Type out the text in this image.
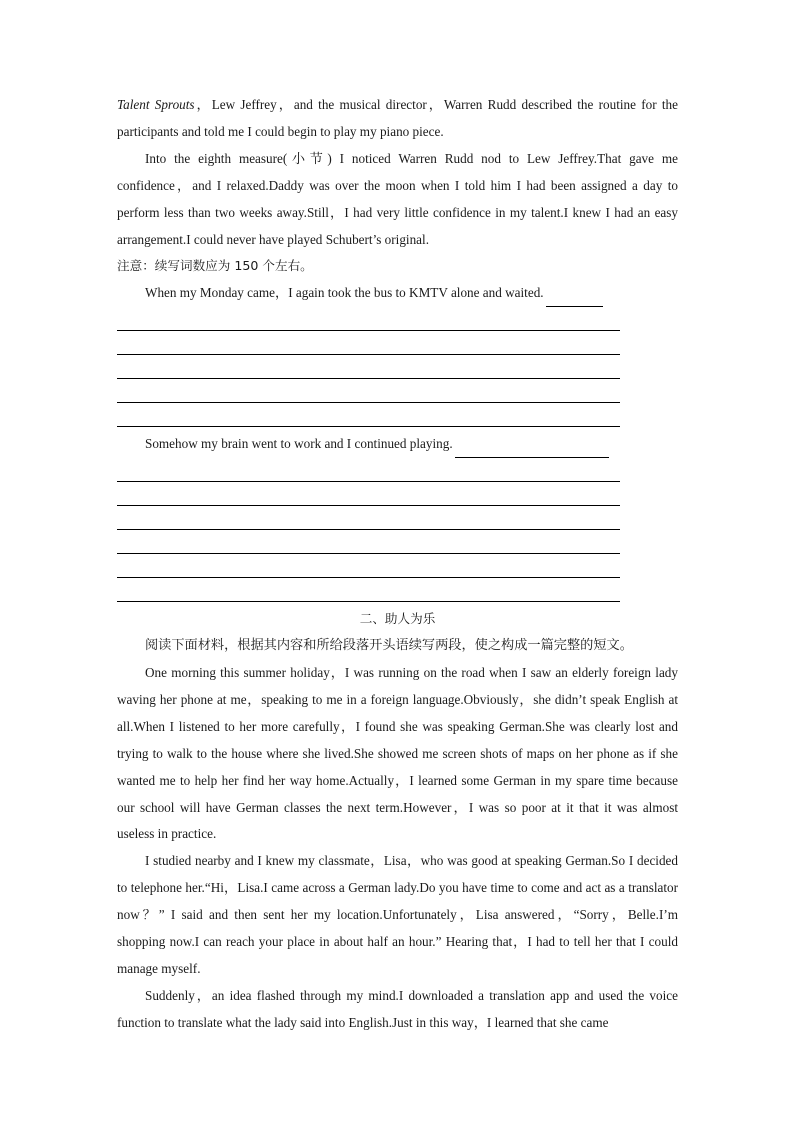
Talent Sprouts，Lew Jeffrey，and the musical director，Warren Rudd described the routine for the participants and told me I could begin to play my piano piece.

Into the eighth measure(小节) I noticed Warren Rudd nod to Lew Jeffrey.That gave me confidence，and I relaxed.Daddy was over the moon when I told him I had been assigned a day to perform less than two weeks away.Still，I had very little confidence in my talent.I knew I had an easy arrangement.I could never have played Schubert’s original.

注意：续写词数应为 150 个左右。

When my Monday came，I again took the bus to KMTV alone and waited.
Somehow my brain went to work and I continued playing.

二、助人为乐

阅读下面材料，根据其内容和所给段落开头语续写两段，使之构成一篇完整的短文。

One morning this summer holiday，I was running on the road when I saw an elderly foreign lady waving her phone at me，speaking to me in a foreign language.Obviously，she didn’t speak English at all.When I listened to her more carefully，I found she was speaking German.She was clearly lost and trying to walk to the house where she lived.She showed me screen shots of maps on her phone as if she wanted me to help her find her way home.Actually，I learned some German in my spare time because our school will have German classes the next term.However，I was so poor at it that it was almost useless in practice.

I studied nearby and I knew my classmate，Lisa，who was good at speaking German.So I decided to telephone her.“Hi，Lisa.I came across a German lady.Do you have time to come and act as a translator now？” I said and then sent her my location.Unfortunately，Lisa answered，“Sorry，Belle.I’m shopping now.I can reach your place in about half an hour.” Hearing that，I had to tell her that I could manage myself.

Suddenly，an idea flashed through my mind.I downloaded a translation app and used the voice function to translate what the lady said into English.Just in this way，I learned that she came
